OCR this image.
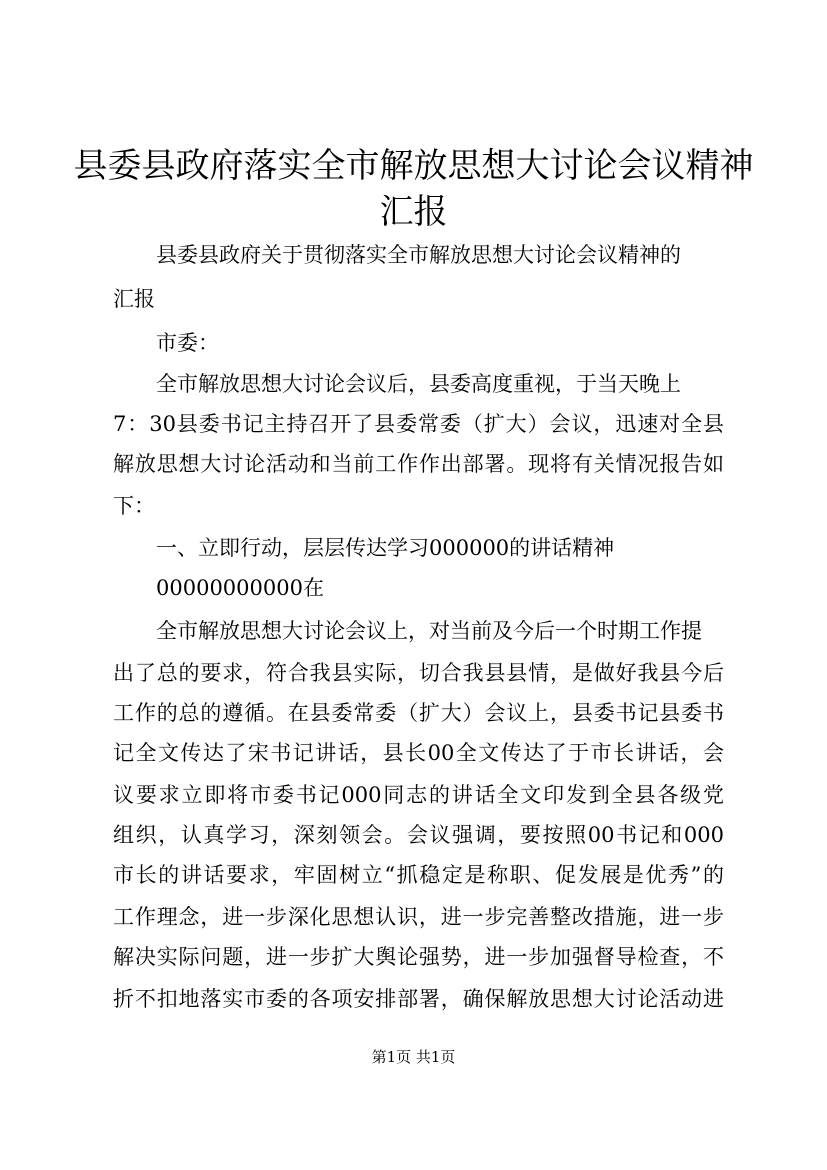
县委县政府落实全市解放思想大讨论会议精神
汇报

县委县政府关于贯彻落实全市解放思想大讨论会议精神的

汇报

市委：

全市解放思想大讨论会议后，县委高度重视，于当天晚上

7：30县委书记主持召开了县委常委（扩大）会议，迅速对全县

解放思想大讨论活动和当前工作作出部署。现将有关情况报告如

下：

一、立即行动，层层传达学习000000的讲话精神

00000000000在

全市解放思想大讨论会议上，对当前及今后一个时期工作提

出了总的要求，符合我县实际，切合我县县情，是做好我县今后

工作的总的遵循。在县委常委（扩大）会议上，县委书记县委书

记全文传达了宋书记讲话，县长00全文传达了于市长讲话，会

议要求立即将市委书记000同志的讲话全文印发到全县各级党

组织，认真学习，深刻领会。会议强调，要按照00书记和000

市长的讲话要求，牢固树立“抓稳定是称职、促发展是优秀”的

工作理念，进一步深化思想认识，进一步完善整改措施，进一步

解决实际问题，进一步扩大舆论强势，进一步加强督导检查，不

折不扣地落实市委的各项安排部署，确保解放思想大讨论活动进

第1页 共1页
